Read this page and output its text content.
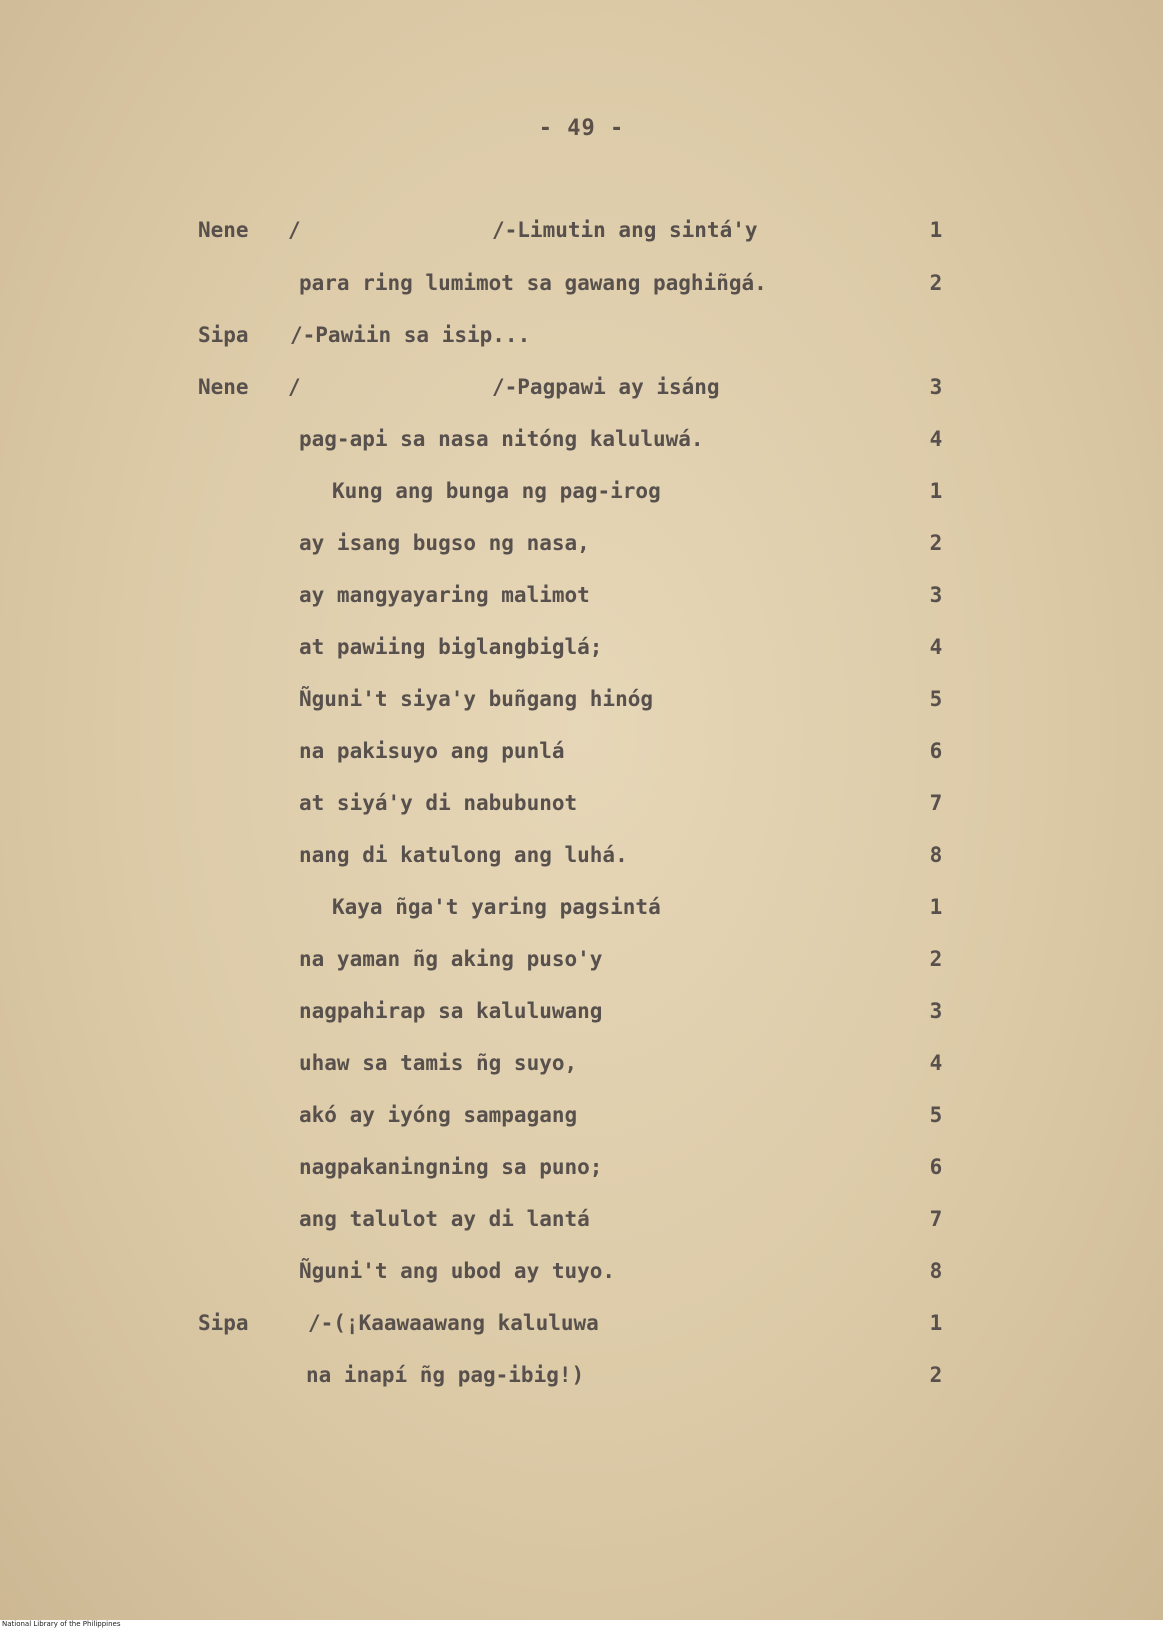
- 49 -
Nene /	/-Limutin ang sintá'y	1
para ring lumimot sa gawang paghiñgá.	2
Sipa /-Pawiin sa isip...
Nene /	/-Pagpawi ay isáng	3
pag-api sa nasa nitóng kaluluwá.	4
Kung ang bunga ng pag-irog	1
ay isang bugso ng nasa,	2
ay mangyayaring malimot	3
at pawiing biglangbiglá;	4
Ñguni't siya'y buñgang hinóg	5
na pakisuyo ang punlá	6
at siyá'y di nabubunot	7
nang di katulong ang luhá.	8
Kaya ñga't yaring pagsintá	1
na yaman ñg aking puso'y	2
nagpahirap sa kaluluwang	3
uhaw sa tamis ñg suyo,	4
akó ay iyóng sampagang	5
nagpakaningning sa puno;	6
ang talulot ay di lantá	7
Ñguni't ang ubod ay tuyo.	8
Sipa	/-(¡Kaawaawang kaluluwa	1
na inapí ñg pag-ibig!)	2
National Library of the Philippines
